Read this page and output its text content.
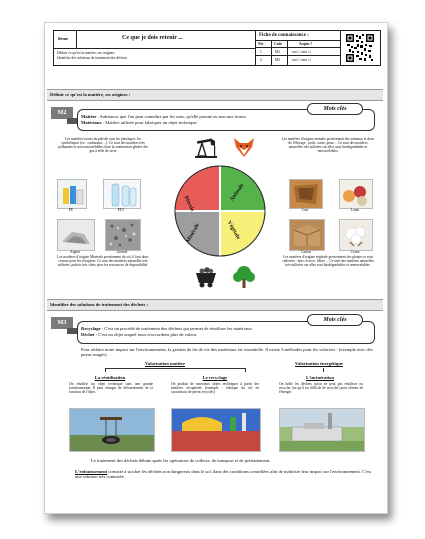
6ème	Ce que je dois retenir ...
Définir ce qu'est la matière, ses origines.
Identifier des solutions de traitement des déchets
Fiche de connaissance :
Niv	Code	Acquis ?
1	M2	oui ☐ non ☐
2	M3	oui ☐ non ☐
Définir ce qu'est la matière, ses origines :
M2
Matière : Substance que l'on peut connaître par les sens, qu'elle prenne ou non une forme.
Matériaux : Matière utilisée pour fabriquer un objet technique.
Mots clés
Les matières issues du pétrole sont les plastiques, les synthétiques (ex : carburants…). Ce sont des matières très polluantes et non renouvelables dont la combustion génère des gaz à effet de serre
Les matières d'origine animale proviennent des animaux et donc de l'élevage : poils, corne, peau… Ce sont des matières naturelles très utilisées car elles sont biodégradables et renouvelables.
Les matières d'origine Minérale proviennent du sol, il faut donc creuser pour les récupérer. Ce sont des matières naturelles très utilisées, parfois très sûres pour les ressources de disponibilité.
Les matières d'origine végétale proviennent des plantes et sont cultivées : bois, écorce, fibres… Ce sont des matières naturelles très utilisées car elles sont biodégradables et renouvelables.
PE	PET
Argent	Granite
Cuir	Laine
Carton	Coton
Pétrole
Animale
Minérale	Végétale
Identifier des solutions de traitement des déchets :
M3
Recyclage : C'est un procédé de traitement des déchets qui permet de réutiliser les matériaux.
Déchet : C'est un objet auquel nous n'accordons plus de valeur.
Mots clés
Pour réduire notre impact sur l'environnement, la gestion de fin de vie des matériaux est essentielle. Il existe 3 méthodes pour les valoriser : (exemple avec des pneus usagés)
Valorisation matière	Valorisation énergétique
La réutilisation
On réutilise un objet technique sans une grande transformation. Il peut changer de détournement de la fonction de l'objet.
Le recyclage
On produit de nouveaux objets techniques à partir des matières récupérées (exemple : fabrique du sol en caoutchouc de pneus recyclés)
L'incinération
On brûle les déchets qu'on ne peut pas réutiliser ou recycler (ou qu'il est difficile de recycler) pour obtenir de l'énergie.
Le traitement des déchets débute après les opérations de collecte, de transport et de prétraitement.
L'enfouissement consiste à stocker les déchets non dangereux dans le sol, dans des conditions contrôlées afin de maîtriser leur impact sur l'environnement. C'est une solution très contestée.
